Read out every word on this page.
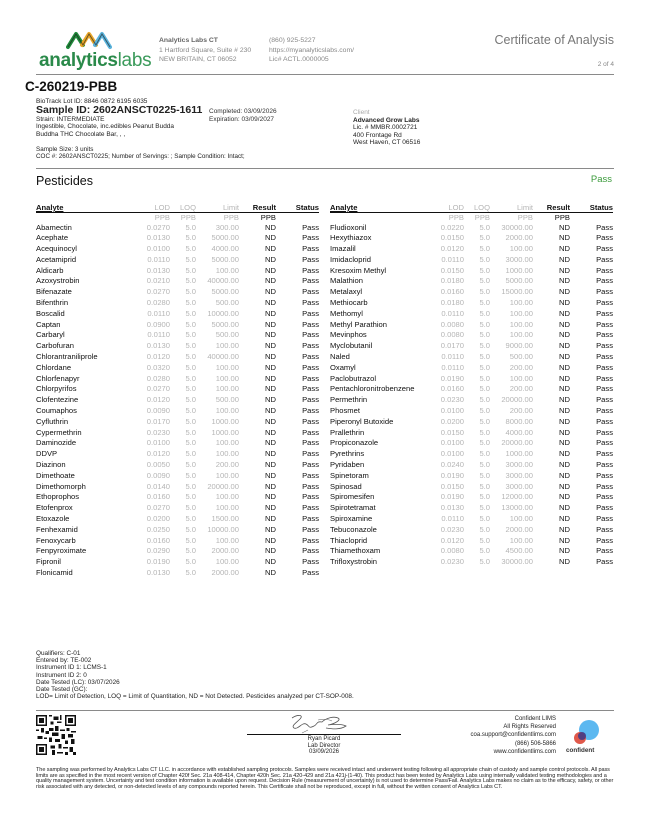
analyticslabs
Analytics Labs CT
1 Hartford Square, Suite # 230
NEW BRITAIN, CT 06052
(860) 925-5227
https://myanalyticslabs.com/
Lic# ACTL.0000005
Certificate of Analysis
2 of 4
C-260219-PBB
BioTrack Lot ID: 8846 0872 6195 6035
Sample ID: 2602ANSCT0225-1611
Strain: INTERMEDIATE
Ingestible, Chocolate, inc.edibles Peanut Budda
Buddha THC Chocolate Bar, , ,
Completed: 03/09/2026
Expiration: 03/09/2027
Client
Advanced Grow Labs
Lic. # MMBR.0002721
400 Frontage Rd
West Haven, CT 06516
Sample Size: 3 units
COC #: 2602ANSCT0225; Number of Servings: ; Sample Condition: Intact;
Pesticides	Pass
Analyte	LOD	LOQ	Limit	Result	Status
PPB	PPB	PPB	PPB
Abamectin	0.0270	5.0	300.00	ND	Pass
Acephate	0.0130	5.0	5000.00	ND	Pass
Acequinocyl	0.0100	5.0	4000.00	ND	Pass
Acetamiprid	0.0110	5.0	5000.00	ND	Pass
Aldicarb	0.0130	5.0	100.00	ND	Pass
Azoxystrobin	0.0210	5.0	40000.00	ND	Pass
Bifenazate	0.0270	5.0	5000.00	ND	Pass
Bifenthrin	0.0280	5.0	500.00	ND	Pass
Boscalid	0.0110	5.0	10000.00	ND	Pass
Captan	0.0900	5.0	5000.00	ND	Pass
Carbaryl	0.0110	5.0	500.00	ND	Pass
Carbofuran	0.0130	5.0	100.00	ND	Pass
Chlorantraniliprole	0.0120	5.0	40000.00	ND	Pass
Chlordane	0.0320	5.0	100.00	ND	Pass
Chlorfenapyr	0.0280	5.0	100.00	ND	Pass
Chlorpyrifos	0.0270	5.0	100.00	ND	Pass
Clofentezine	0.0120	5.0	500.00	ND	Pass
Coumaphos	0.0090	5.0	100.00	ND	Pass
Cyfluthrin	0.0170	5.0	1000.00	ND	Pass
Cypermethrin	0.0230	5.0	1000.00	ND	Pass
Daminozide	0.0100	5.0	100.00	ND	Pass
DDVP	0.0120	5.0	100.00	ND	Pass
Diazinon	0.0050	5.0	200.00	ND	Pass
Dimethoate	0.0090	5.0	100.00	ND	Pass
Dimethomorph	0.0140	5.0	20000.00	ND	Pass
Ethoprophos	0.0160	5.0	100.00	ND	Pass
Etofenprox	0.0270	5.0	100.00	ND	Pass
Etoxazole	0.0200	5.0	1500.00	ND	Pass
Fenhexamid	0.0250	5.0	10000.00	ND	Pass
Fenoxycarb	0.0160	5.0	100.00	ND	Pass
Fenpyroximate	0.0290	5.0	2000.00	ND	Pass
Fipronil	0.0190	5.0	100.00	ND	Pass
Flonicamid	0.0130	5.0	2000.00	ND	Pass
Analyte	LOD	LOQ	Limit	Result	Status
PPB	PPB	PPB	PPB
Fludioxonil	0.0220	5.0	30000.00	ND	Pass
Hexythiazox	0.0150	5.0	2000.00	ND	Pass
Imazalil	0.0120	5.0	100.00	ND	Pass
Imidacloprid	0.0110	5.0	3000.00	ND	Pass
Kresoxim Methyl	0.0150	5.0	1000.00	ND	Pass
Malathion	0.0180	5.0	5000.00	ND	Pass
Metalaxyl	0.0160	5.0	15000.00	ND	Pass
Methiocarb	0.0180	5.0	100.00	ND	Pass
Methomyl	0.0110	5.0	100.00	ND	Pass
Methyl Parathion	0.0080	5.0	100.00	ND	Pass
Mevinphos	0.0080	5.0	100.00	ND	Pass
Myclobutanil	0.0170	5.0	9000.00	ND	Pass
Naled	0.0110	5.0	500.00	ND	Pass
Oxamyl	0.0110	5.0	200.00	ND	Pass
Paclobutrazol	0.0190	5.0	100.00	ND	Pass
Pentachloronitrobenzene	0.0160	5.0	200.00	ND	Pass
Permethrin	0.0230	5.0	20000.00	ND	Pass
Phosmet	0.0100	5.0	200.00	ND	Pass
Piperonyl Butoxide	0.0200	5.0	8000.00	ND	Pass
Prallethrin	0.0150	5.0	4000.00	ND	Pass
Propiconazole	0.0100	5.0	20000.00	ND	Pass
Pyrethrins	0.0100	5.0	1000.00	ND	Pass
Pyridaben	0.0240	5.0	3000.00	ND	Pass
Spinetoram	0.0190	5.0	3000.00	ND	Pass
Spinosad	0.0150	5.0	3000.00	ND	Pass
Spiromesifen	0.0190	5.0	12000.00	ND	Pass
Spirotetramat	0.0130	5.0	13000.00	ND	Pass
Spiroxamine	0.0110	5.0	100.00	ND	Pass
Tebuconazole	0.0230	5.0	2000.00	ND	Pass
Thiacloprid	0.0120	5.0	100.00	ND	Pass
Thiamethoxam	0.0080	5.0	4500.00	ND	Pass
Trifloxystrobin	0.0230	5.0	30000.00	ND	Pass
Qualifiers: C-01
Entered by: TE-002
Instrument ID 1: LCMS-1
Instrument ID 2: 0
Date Tested (LC): 03/07/2026
Date Tested (GC):
LOD= Limit of Detection, LOQ = Limit of Quantitation, ND = Not Detected. Pesticides analyzed per CT-SOP-008.
Ryan Picard
Lab Director
03/09/2026
Confident LIMS
All Rights Reserved
coa.support@confidentlims.com
(866) 506-5866
www.confidentlims.com confident
The sampling was performed by Analytics Labs CT LLC. in accordance with established sampling protocols. Samples were received intact and underwent testing following all appropriate chain of custody and sample control protocols. All pass limits are as specified in the most recent version of Chapter 420f Sec. 21a 408-414, Chapter 420h Sec. 21a 420-429 and 21a 421j-(1-40). This product has been tested by Analytics Labs using internally validated testing methodologies and a quality management system. Uncertainty and test condition information is available upon request. Decision Rule (measurement of uncertainty) is not used to determine Pass/Fail. Analytics Labs makes no claim as to the efficacy, safety, or other risk associated with any detected, or non-detected levels of any compounds reported herein. This Certificate shall not be reproduced, except in full, without the written consent of Analytics Labs CT.
